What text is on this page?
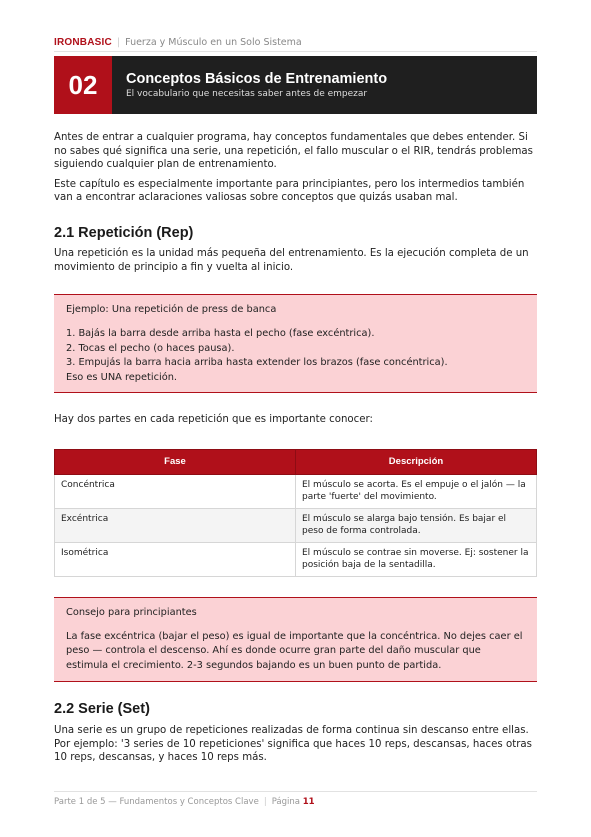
IRONBASIC | Fuerza y Músculo en un Solo Sistema
02	Conceptos Básicos de Entrenamiento
El vocabulario que necesitas saber antes de empezar

Antes de entrar a cualquier programa, hay conceptos fundamentales que debes entender. Si no sabes qué significa una serie, una repetición, el fallo muscular o el RIR, tendrás problemas siguiendo cualquier plan de entrenamiento.

Este capítulo es especialmente importante para principiantes, pero los intermedios también van a encontrar aclaraciones valiosas sobre conceptos que quizás usaban mal.

2.1 Repetición (Rep)

Una repetición es la unidad más pequeña del entrenamiento. Es la ejecución completa de un movimiento de principio a fin y vuelta al inicio.

Ejemplo: Una repetición de press de banca
1. Bajás la barra desde arriba hasta el pecho (fase excéntrica).
2. Tocas el pecho (o haces pausa).
3. Empujás la barra hacia arriba hasta extender los brazos (fase concéntrica).
Eso es UNA repetición.

Hay dos partes en cada repetición que es importante conocer:

Fase	Descripción
Concéntrica	El músculo se acorta. Es el empuje o el jalón — la parte 'fuerte' del movimiento.
Excéntrica	El músculo se alarga bajo tensión. Es bajar el peso de forma controlada.
Isométrica	El músculo se contrae sin moverse. Ej: sostener la posición baja de la sentadilla.
Consejo para principiantes
La fase excéntrica (bajar el peso) es igual de importante que la concéntrica. No dejes caer el peso — controla el descenso. Ahí es donde ocurre gran parte del daño muscular que estimula el crecimiento. 2-3 segundos bajando es un buen punto de partida.
2.2 Serie (Set)

Una serie es un grupo de repeticiones realizadas de forma continua sin descanso entre ellas. Por ejemplo: '3 series de 10 repeticiones' significa que haces 10 reps, descansas, haces otras 10 reps, descansas, y haces 10 reps más.

Parte 1 de 5 — Fundamentos y Conceptos Clave | Página 11
